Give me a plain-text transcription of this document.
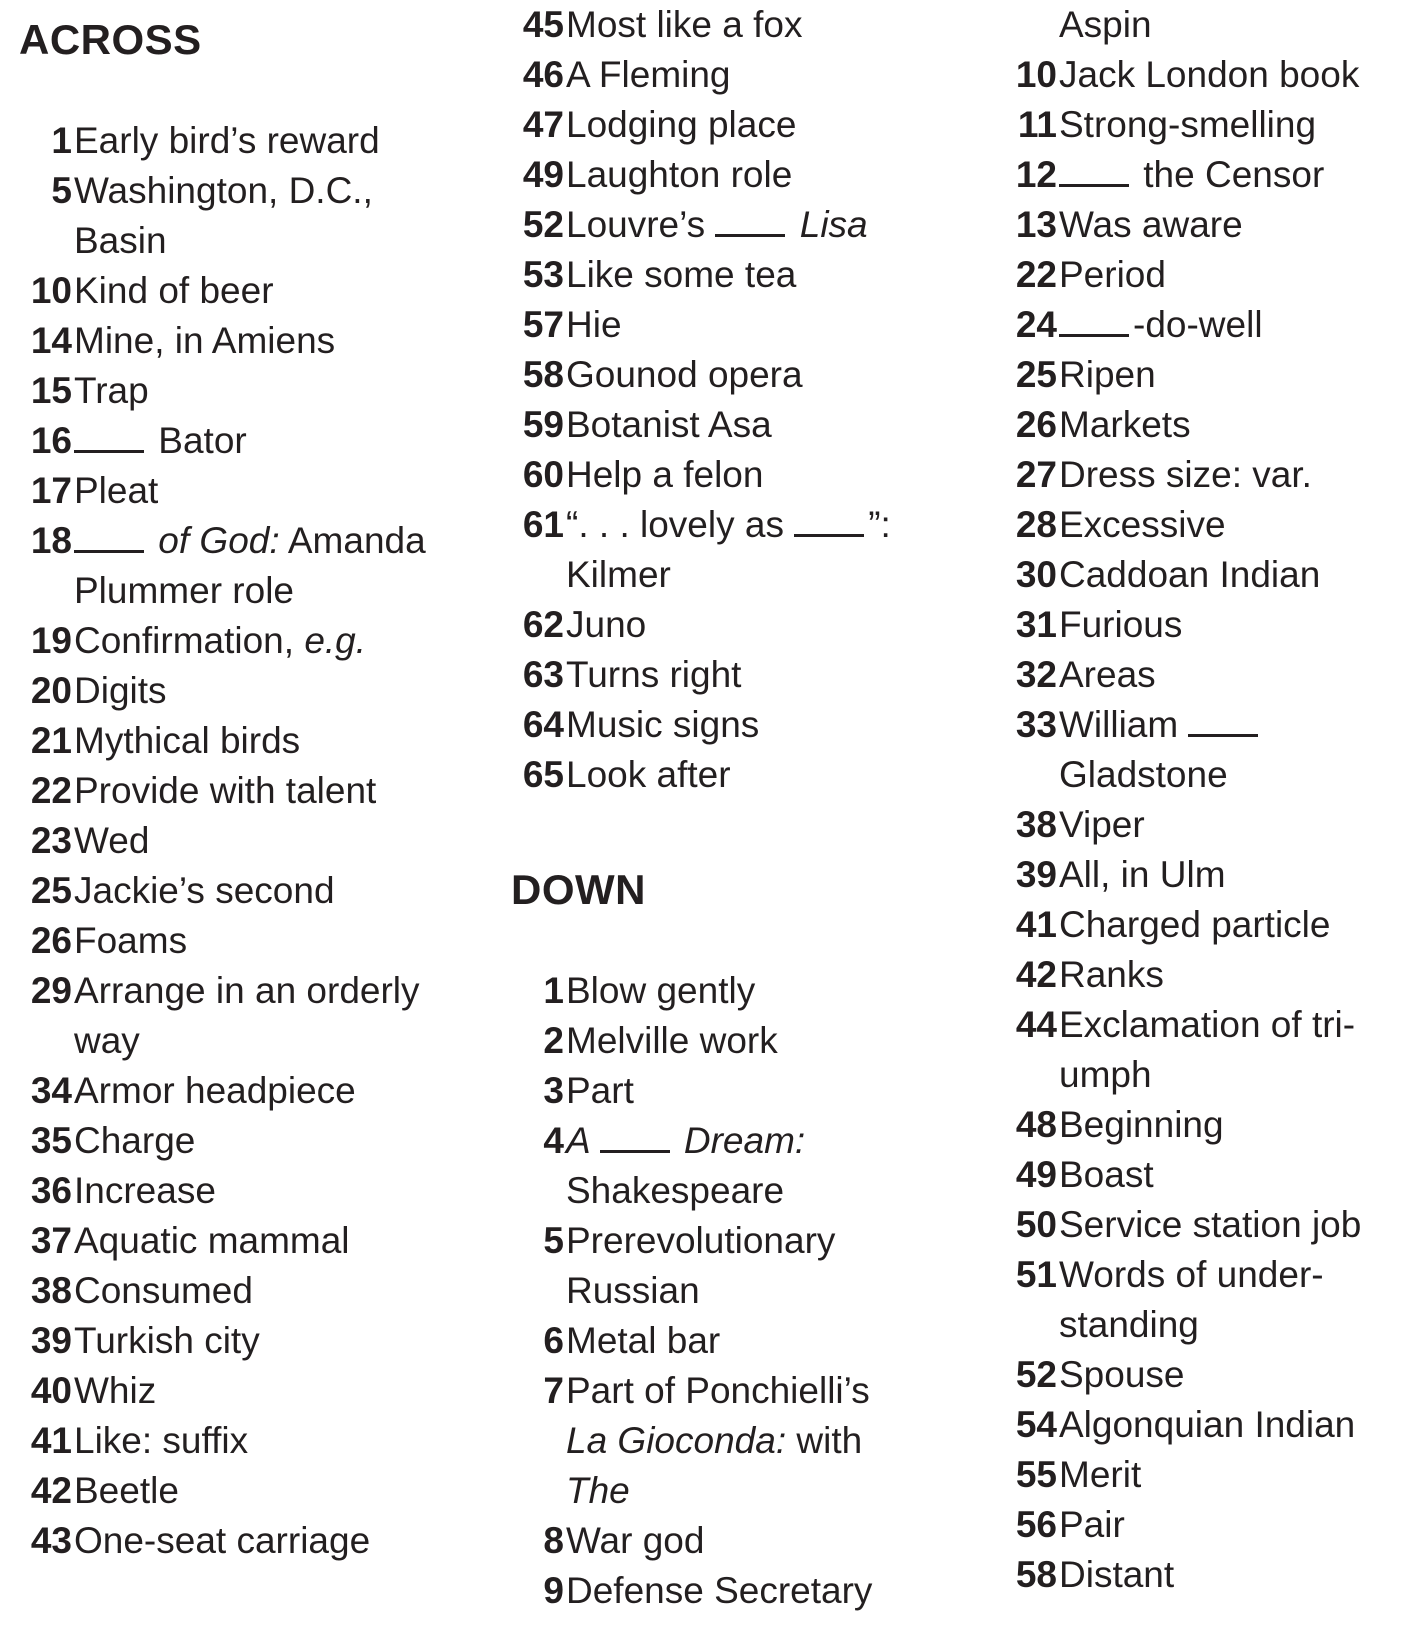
ACROSS
1 Early bird’s reward
5 Washington, D.C.,
Basin
10 Kind of beer
14 Mine, in Amiens
15 Trap
16	Bator
17 Pleat
18	of God: Amanda
Plummer role
19 Confirmation, e.g.
20 Digits
21 Mythical birds
22 Provide with talent
23 Wed
25 Jackie’s second
26 Foams
29 Arrange in an orderly
way
34 Armor headpiece
35 Charge
36 Increase
37 Aquatic mammal
38 Consumed
39 Turkish city
40 Whiz
41 Like: suffix
42 Beetle
43 One-seat carriage
45 Most like a fox
46 A Fleming
47 Lodging place
49 Laughton role
52 Louvre’s  Lisa
53 Like some tea
57 Hie
58 Gounod opera
59 Botanist Asa
60 Help a felon
61 “. . . lovely as ”:
Kilmer
62 Juno
63 Turns right
64 Music signs
65 Look after
DOWN
1 Blow gently
2 Melville work
3 Part
4 A  Dream:
Shakespeare
5 Prerevolutionary
Russian
6 Metal bar
7 Part of Ponchielli’s
La Gioconda: with
The
8 War god
9 Defense Secretary
Aspin
10 Jack London book
11 Strong-smelling
12	the Censor
13 Was aware
22 Period
24	-do-well
25 Ripen
26 Markets
27 Dress size: var.
28 Excessive
30 Caddoan Indian
31 Furious
32 Areas
33 William
Gladstone
38 Viper
39 All, in Ulm
41 Charged particle
42 Ranks
44 Exclamation of tri-
umph
48 Beginning
49 Boast
50 Service station job
51 Words of under-
standing
52 Spouse
54 Algonquian Indian
55 Merit
56 Pair
58 Distant
